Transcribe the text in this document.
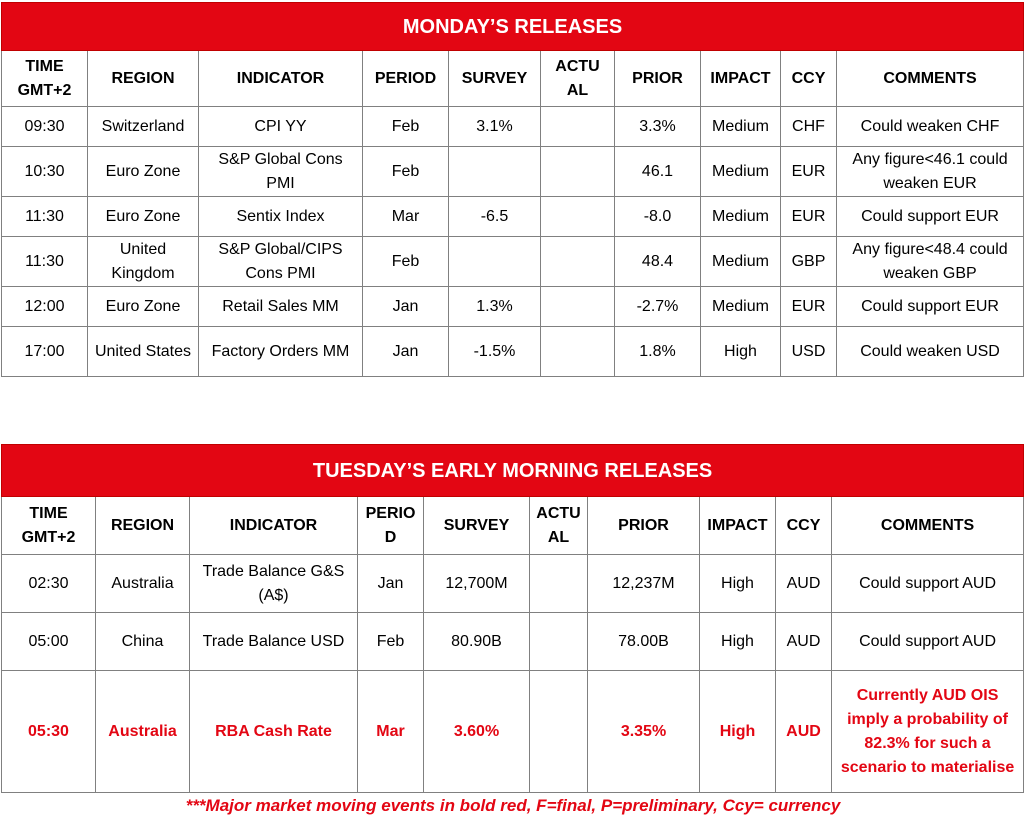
MONDAY’S RELEASES									
TIME GMT+2	REGION	INDICATOR	PERIOD	SURVEY	ACTU AL	PRIOR	IMPACT	CCY	COMMENTS
09:30	Switzerland	CPI YY	Feb	3.1%		3.3%	Medium	CHF	Could weaken CHF
10:30	Euro Zone	S&P Global Cons PMI	Feb			46.1	Medium	EUR	Any figure<46.1 could weaken EUR
11:30	Euro Zone	Sentix Index	Mar	-6.5		-8.0	Medium	EUR	Could support EUR
11:30	United Kingdom	S&P Global/CIPS Cons PMI	Feb			48.4	Medium	GBP	Any figure<48.4 could weaken GBP
12:00	Euro Zone	Retail Sales MM	Jan	1.3%		-2.7%	Medium	EUR	Could support EUR
17:00	United States	Factory Orders MM	Jan	-1.5%		1.8%	High	USD	Could weaken USD
TUESDAY’S EARLY MORNING RELEASES									
TIME GMT+2	REGION	INDICATOR	PERIO D	SURVEY	ACTU AL	PRIOR	IMPACT	CCY	COMMENTS
02:30	Australia	Trade Balance G&S (A$)	Jan	12,700M		12,237M	High	AUD	Could support AUD
05:00	China	Trade Balance USD	Feb	80.90B		78.00B	High	AUD	Could support AUD
05:30	Australia	RBA Cash Rate	Mar	3.60%		3.35%	High	AUD	Currently AUD OIS imply a probability of 82.3% for such a scenario to materialise
***Major market moving events in bold red, F=final, P=preliminary, Ccy= currency
